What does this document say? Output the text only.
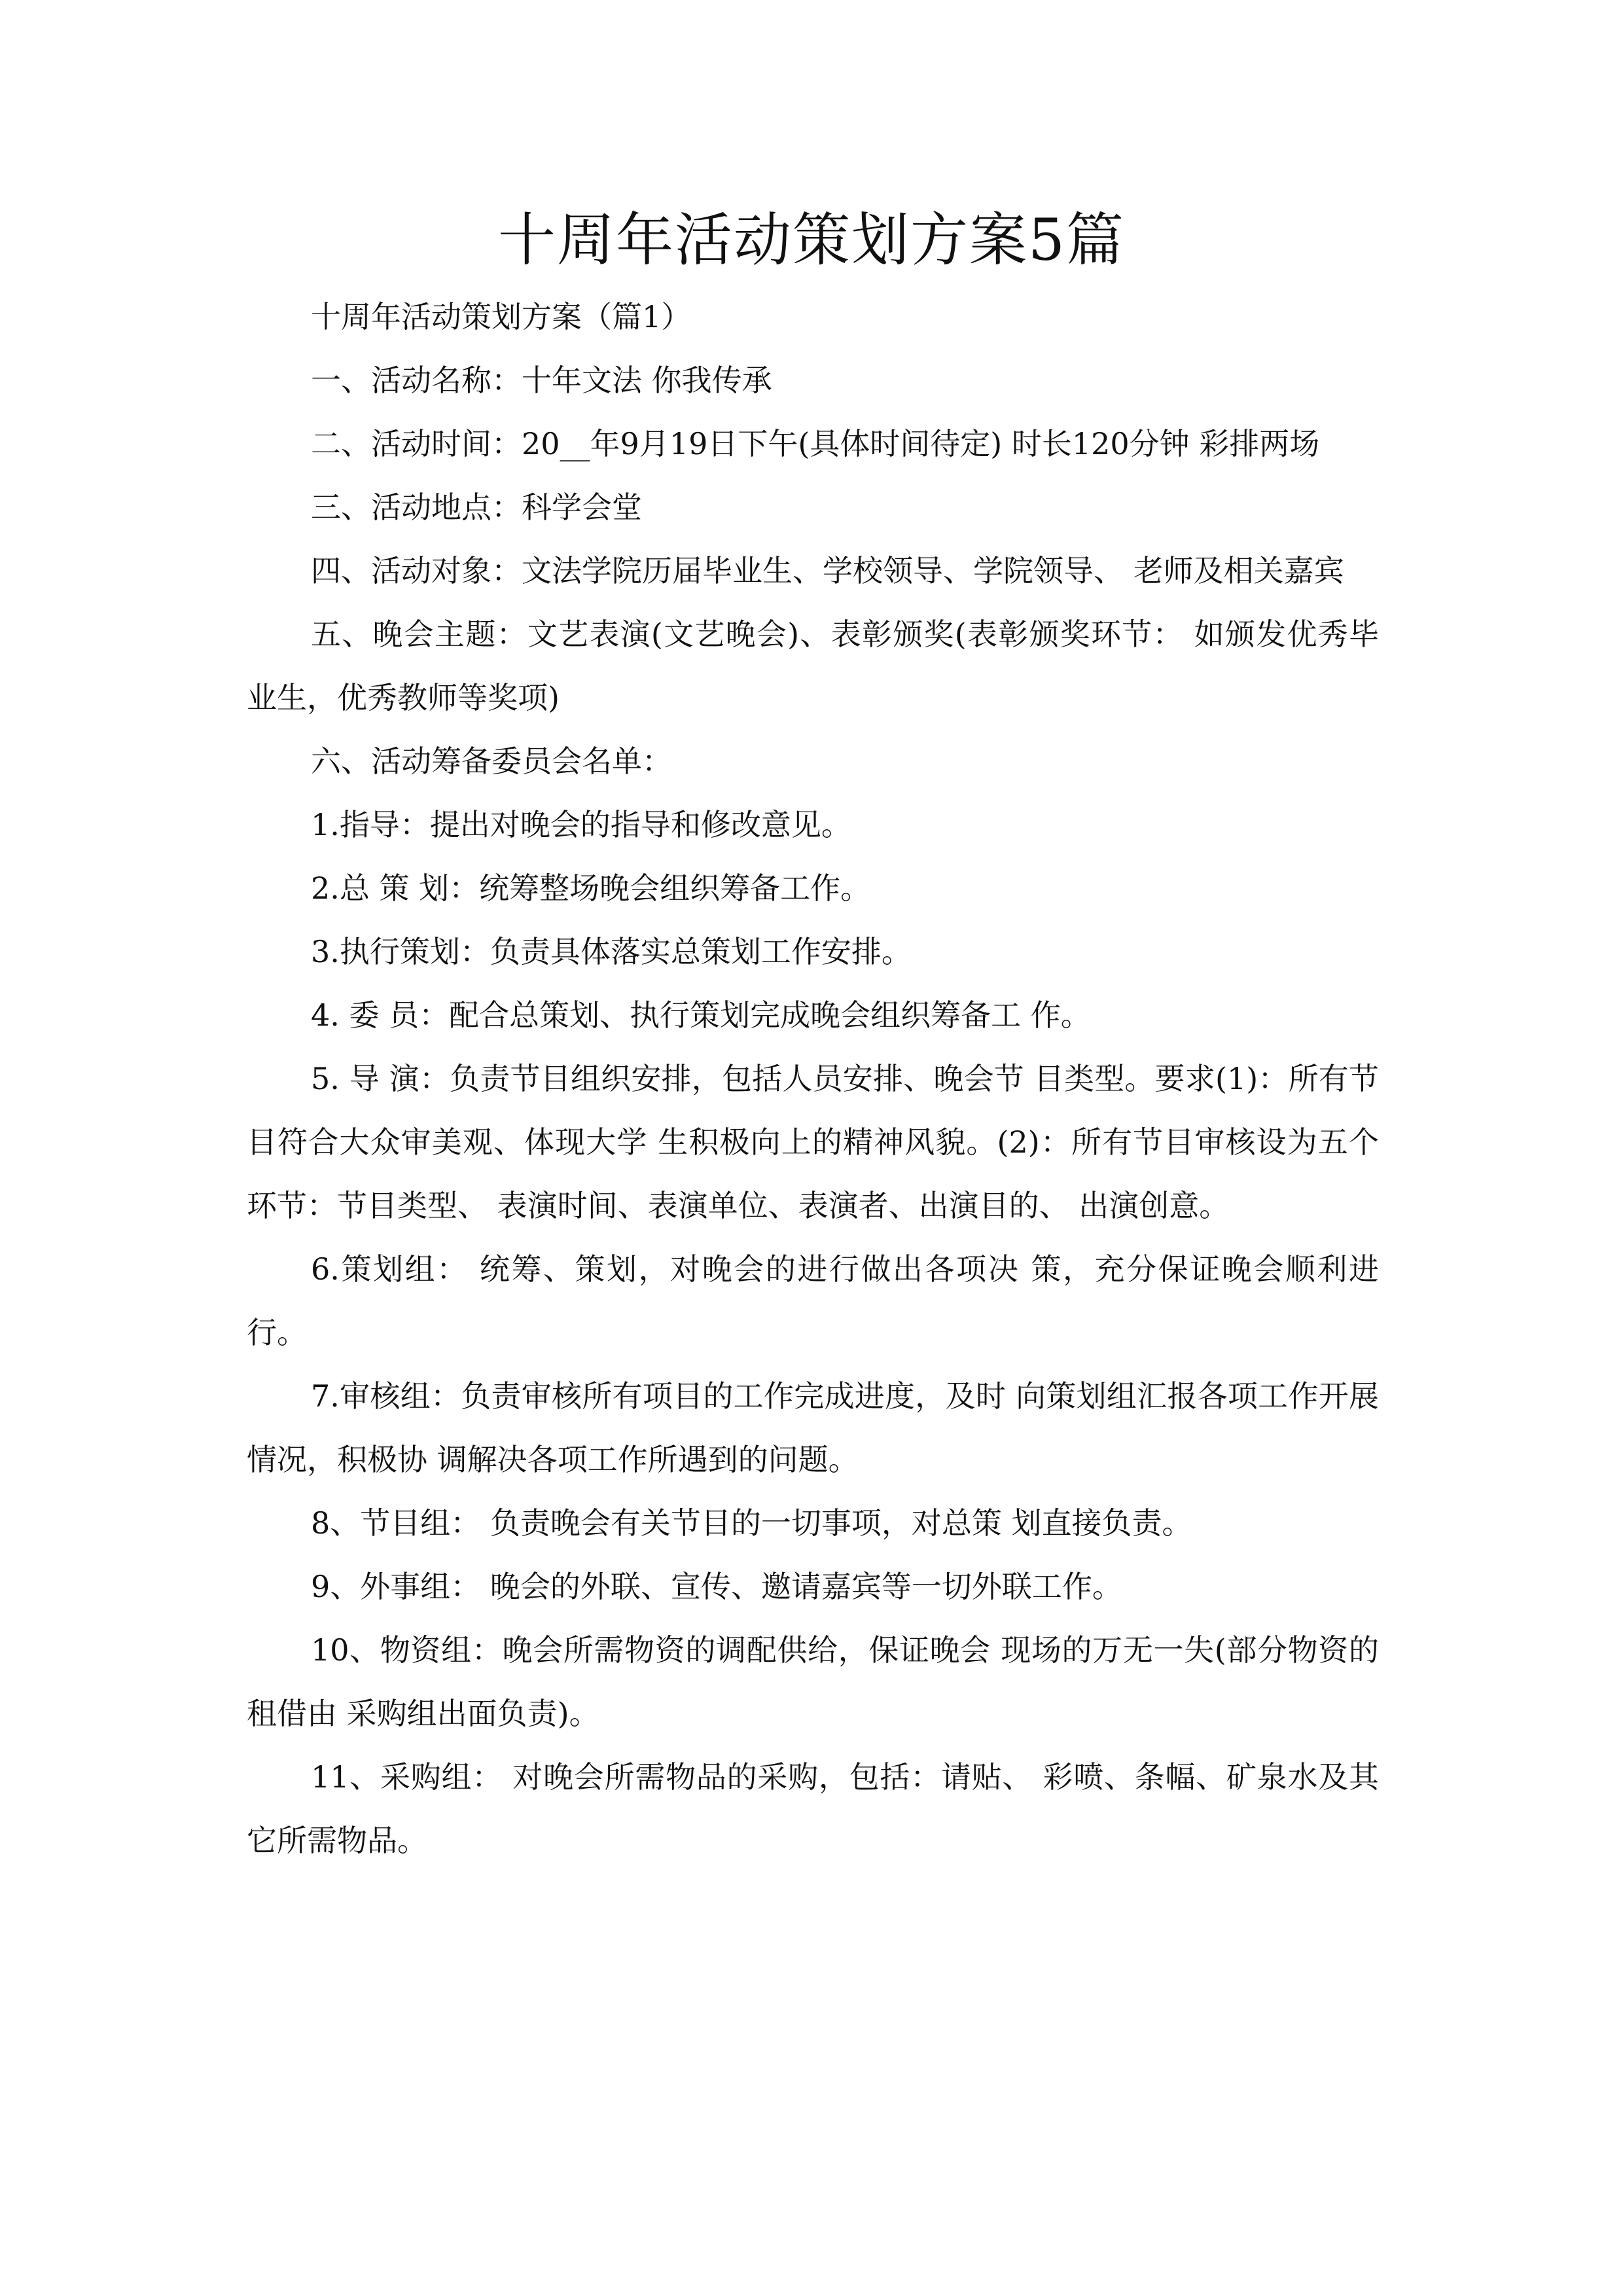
十周年活动策划方案5篇

十周年活动策划方案（篇1）

一、活动名称：十年文法 你我传承

二、活动时间：20__年9月19日下午(具体时间待定) 时长120分钟 彩排两场

三、活动地点：科学会堂

四、活动对象：文法学院历届毕业生、学校领导、学院领导、 老师及相关嘉宾

五、晚会主题：文艺表演(文艺晚会)、表彰颁奖(表彰颁奖环节： 如颁发优秀毕业生，优秀教师等奖项)

六、活动筹备委员会名单：

1.指导：提出对晚会的指导和修改意见。

2.总 策 划：统筹整场晚会组织筹备工作。

3.执行策划：负责具体落实总策划工作安排。

4. 委 员：配合总策划、执行策划完成晚会组织筹备工 作。

5. 导 演：负责节目组织安排，包括人员安排、晚会节 目类型。要求(1)：所有节目符合大众审美观、体现大学 生积极向上的精神风貌。(2)：所有节目审核设为五个环节：节目类型、 表演时间、表演单位、表演者、出演目的、 出演创意。

6.策划组： 统筹、策划，对晚会的进行做出各项决 策，充分保证晚会顺利进行。

7.审核组：负责审核所有项目的工作完成进度，及时 向策划组汇报各项工作开展情况，积极协 调解决各项工作所遇到的问题。

8、节目组： 负责晚会有关节目的一切事项，对总策 划直接负责。

9、外事组： 晚会的外联、宣传、邀请嘉宾等一切外联工作。

10、物资组：晚会所需物资的调配供给，保证晚会 现场的万无一失(部分物资的租借由 采购组出面负责)。

11、采购组： 对晚会所需物品的采购，包括：请贴、 彩喷、条幅、矿泉水及其它所需物品。
